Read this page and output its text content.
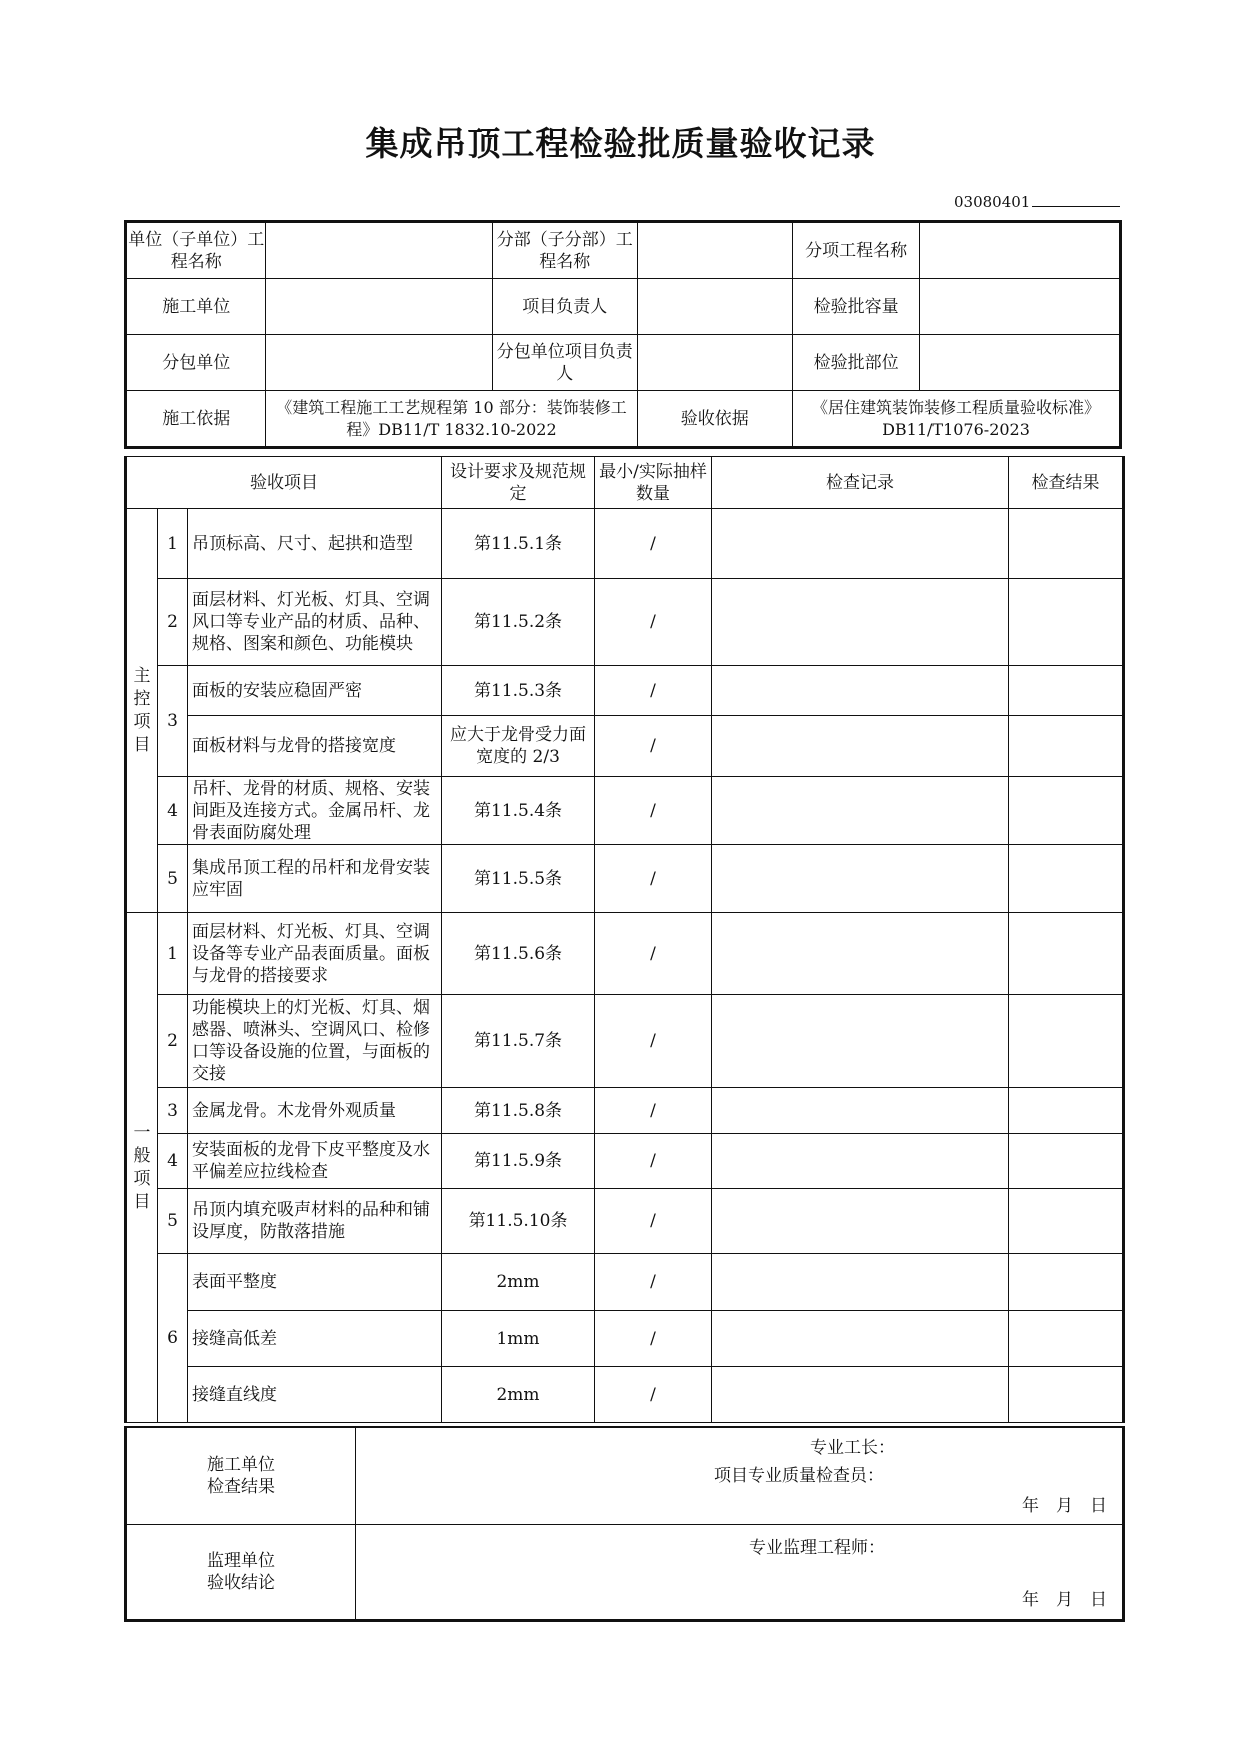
集成吊顶工程检验批质量验收记录
03080401
单位（子单位）工程名称		分部（子分部）工程名称		分项工程名称	
施工单位		项目负责人		检验批容量	
分包单位		分包单位项目负责人		检验批部位	
施工依据	《建筑工程施工工艺规程第 10 部分：装饰装修工程》DB11/T 1832.10-2022		验收依据	《居住建筑装饰装修工程质量验收标准》DB11/T1076-2023	
验收项目			设计要求及规范规定	最小/实际抽样数量	检查记录	检查结果
主控项目	1	吊顶标高、尺寸、起拱和造型	第11.5.1条	/		
	2	面层材料、灯光板、灯具、空调风口等专业产品的材质、品种、规格、图案和颜色、功能模块	第11.5.2条	/		
	3	面板的安装应稳固严密	第11.5.3条	/		
		面板材料与龙骨的搭接宽度	应大于龙骨受力面宽度的 2/3	/		
	4	吊杆、龙骨的材质、规格、安装间距及连接方式。金属吊杆、龙骨表面防腐处理	第11.5.4条	/		
	5	集成吊顶工程的吊杆和龙骨安装应牢固	第11.5.5条	/		
一般项目	1	面层材料、灯光板、灯具、空调设备等专业产品表面质量。面板与龙骨的搭接要求	第11.5.6条	/		
	2	功能模块上的灯光板、灯具、烟感器、喷淋头、空调风口、检修口等设备设施的位置，与面板的交接	第11.5.7条	/		
	3	金属龙骨。木龙骨外观质量	第11.5.8条	/		
	4	安装面板的龙骨下皮平整度及水平偏差应拉线检查	第11.5.9条	/		
	5	吊顶内填充吸声材料的品种和铺设厚度，防散落措施	第11.5.10条	/		
	6	表面平整度	2mm	/		
		接缝高低差	1mm	/		
		接缝直线度	2mm	/		
施工单位检查结果	专业工长：
项目专业质量检查员：
年　月　日

监理单位验收结论	专业监理工程师：
年　月　日
